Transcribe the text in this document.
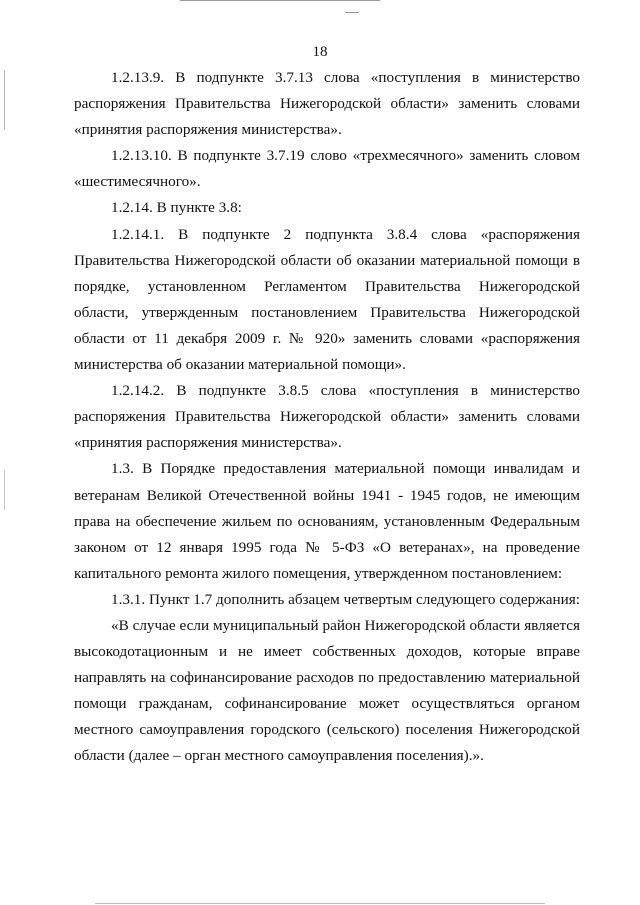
18

1.2.13.9. В подпункте 3.7.13 слова «поступления в министерство распоряжения Правительства Нижегородской области» заменить словами «принятия распоряжения министерства».

1.2.13.10. В подпункте 3.7.19 слово «трехмесячного» заменить словом «шестимесячного».

1.2.14. В пункте 3.8:

1.2.14.1. В подпункте 2 подпункта 3.8.4 слова «распоряжения Правительства Нижегородской области об оказании материальной помощи в порядке, установленном Регламентом Правительства Нижегородской области, утвержденным постановлением Правительства Нижегородской области от 11 декабря 2009 г. № 920» заменить словами «распоряжения министерства об оказании материальной помощи».

1.2.14.2. В подпункте 3.8.5 слова «поступления в министерство распоряжения Правительства Нижегородской области» заменить словами «принятия распоряжения министерства».

1.3. В Порядке предоставления материальной помощи инвалидам и ветеранам Великой Отечественной войны 1941 - 1945 годов, не имеющим права на обеспечение жильем по основаниям, установленным Федеральным законом от 12 января 1995 года № 5-ФЗ «О ветеранах», на проведение капитального ремонта жилого помещения, утвержденном постановлением:

1.3.1. Пункт 1.7 дополнить абзацем четвертым следующего содержания:

«В случае если муниципальный район Нижегородской области является высокодотационным и не имеет собственных доходов, которые вправе направлять на софинансирование расходов по предоставлению материальной помощи гражданам, софинансирование может осуществляться органом местного самоуправления городского (сельского) поселения Нижегородской области (далее – орган местного самоуправления поселения).».
